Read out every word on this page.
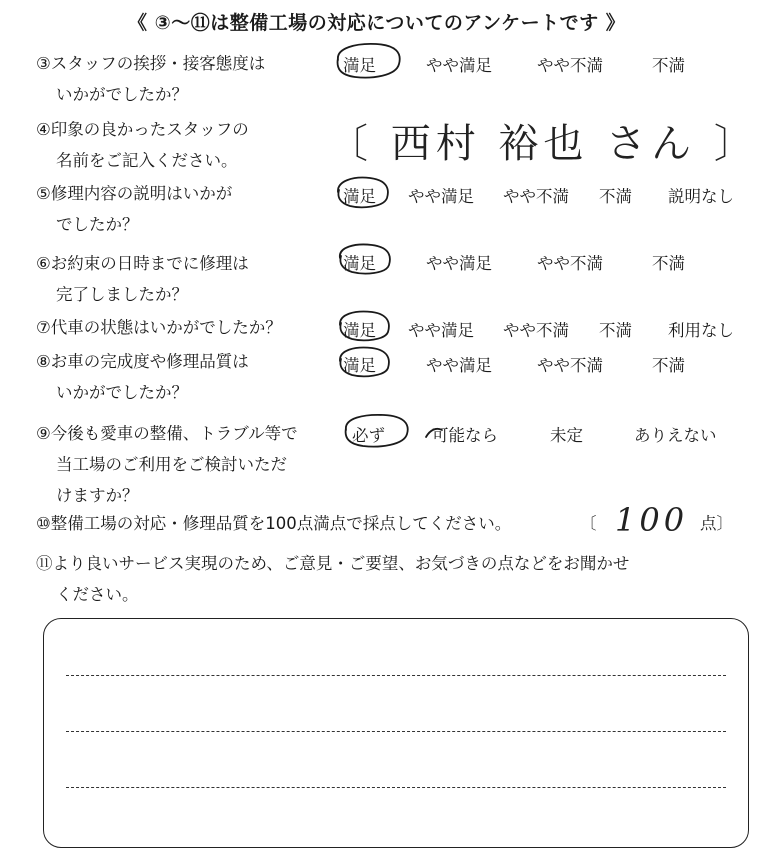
《 ③〜⑪は整備工場の対応についてのアンケートです 》
③スタッフの挨拶・接客態度は
いかがでしたか？
満足	やや満足	やや不満	不満
④印象の良かったスタッフの
名前をご記入ください。 〔 西村 裕也 さん 〕
⑤修理内容の説明はいかが
でしたか？
満足 やや満足 やや不満 不満 説明なし
⑥お約束の日時までに修理は
完了しましたか？
満足	やや満足	やや不満	不満
⑦代車の状態はいかがでしたか？	満足 やや満足 やや不満 不満 利用なし
⑧お車の完成度や修理品質は
いかがでしたか？
満足	やや満足	やや不満	不満
⑨今後も愛車の整備、トラブル等で
当工場のご利用をご検討いただ
けますか？
必ず	可能なら	未定	ありえない
⑩整備工場の対応・修理品質を100点満点で採点してください。	〔 100 点〕
⑪より良いサービス実現のため、ご意見・ご要望、お気づきの点などをお聞かせ
ください。
